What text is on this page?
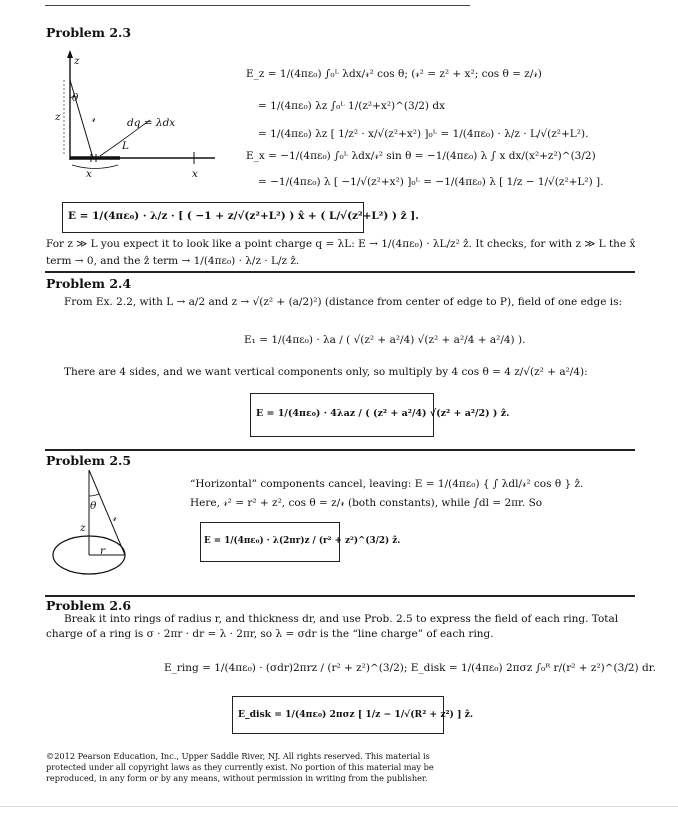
Problem 2.3
z
θ
𝓇
z	dq = λdx
L
x	x
E_z = 1/(4πε₀) ∫₀ᴸ λdx/𝓇² cos θ; (𝓇² = z² + x²; cos θ = z/𝓇)
= 1/(4πε₀) λz ∫₀ᴸ 1/(z²+x²)^(3/2) dx
= 1/(4πε₀) λz [ 1/z² · x/√(z²+x²) ]₀ᴸ = 1/(4πε₀) · λ/z · L/√(z²+L²).
E_x = −1/(4πε₀) ∫₀ᴸ λdx/𝓇² sin θ = −1/(4πε₀) λ ∫ x dx/(x²+z²)^(3/2)
= −1/(4πε₀) λ [ −1/√(z²+x²) ]₀ᴸ = −1/(4πε₀) λ [ 1/z − 1/√(z²+L²) ].
E = 1/(4πε₀) · λ/z · [ ( −1 + z/√(z²+L²) ) x̂ + ( L/√(z²+L²) ) ẑ ].
For z ≫ L you expect it to look like a point charge q = λL: E → 1/(4πε₀) · λL/z² ẑ. It checks, for with z ≫ L the x̂
term → 0, and the ẑ term → 1/(4πε₀) · λ/z · L/z ẑ.
Problem 2.4
From Ex. 2.2, with L → a/2 and z → √(z² + (a/2)²) (distance from center of edge to P), field of one edge is:
E₁ = 1/(4πε₀) · λa / ( √(z² + a²/4) √(z² + a²/4 + a²/4) ).
There are 4 sides, and we want vertical components only, so multiply by 4 cos θ = 4 z/√(z² + a²/4):
E = 1/(4πε₀) · 4λaz / ( (z² + a²/4) √(z² + a²/2) ) ẑ.
Problem 2.5
θ
z
𝓇
r
“Horizontal” components cancel, leaving: E = 1/(4πε₀) { ∫ λdl/𝓇² cos θ } ẑ.
Here, 𝓇² = r² + z², cos θ = z/𝓇 (both constants), while ∫dl = 2πr. So
E = 1/(4πε₀) · λ(2πr)z / (r² + z²)^(3/2) ẑ.
Problem 2.6
Break it into rings of radius r, and thickness dr, and use Prob. 2.5 to express the field of each ring. Total
charge of a ring is σ · 2πr · dr = λ · 2πr, so λ = σdr is the “line charge” of each ring.
E_ring = 1/(4πε₀) · (σdr)2πrz / (r² + z²)^(3/2); E_disk = 1/(4πε₀) 2πσz ∫₀ᴿ r/(r² + z²)^(3/2) dr.
E_disk = 1/(4πε₀) 2πσz [ 1/z − 1/√(R² + z²) ] ẑ.
©2012 Pearson Education, Inc., Upper Saddle River, NJ. All rights reserved. This material is
protected under all copyright laws as they currently exist. No portion of this material may be
reproduced, in any form or by any means, without permission in writing from the publisher.
